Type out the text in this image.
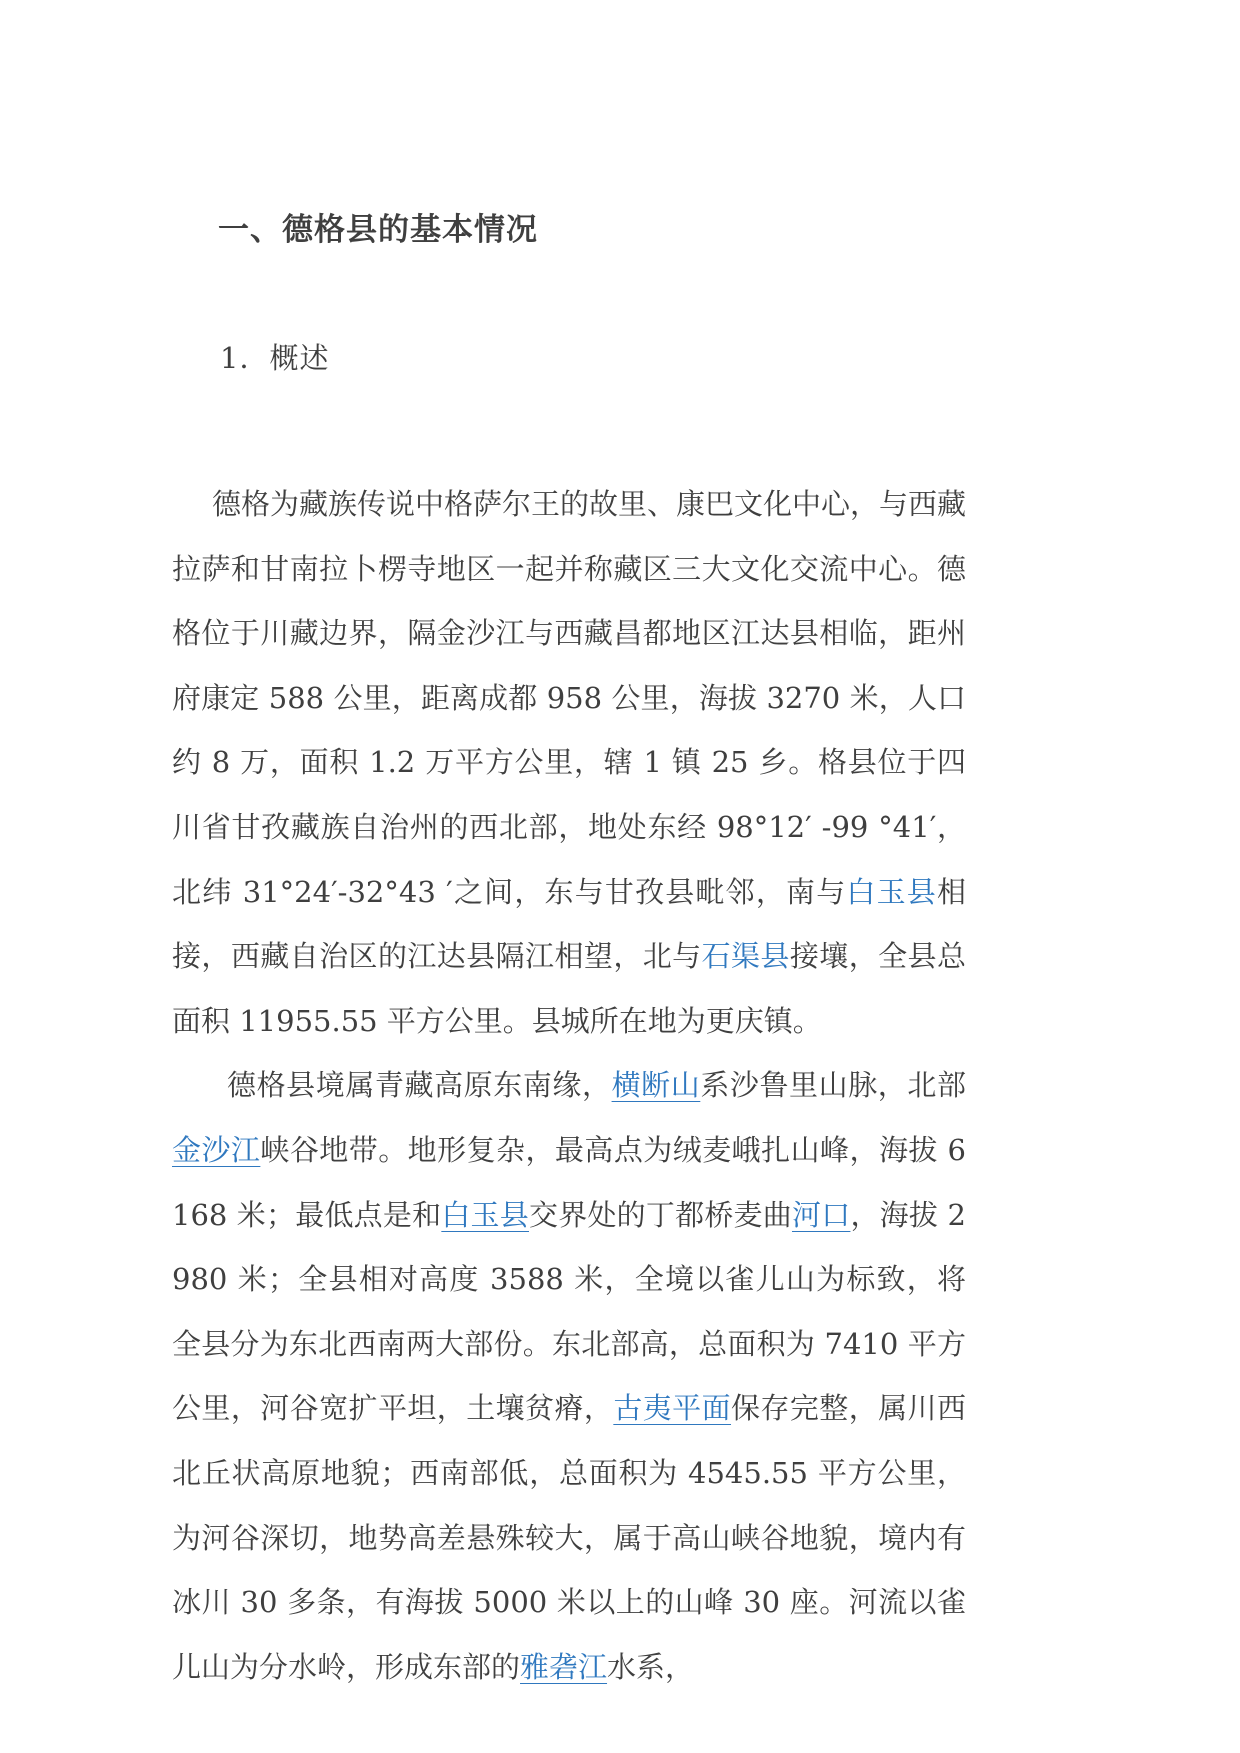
一、德格县的基本情况
1．概述

德格为藏族传说中格萨尔王的故里、康巴文化中心，与西藏拉萨和甘南拉卜楞寺地区一起并称藏区三大文化交流中心。德格位于川藏边界，隔金沙江与西藏昌都地区江达县相临，距州府康定 588 公里，距离成都 958 公里，海拔 3270 米，人口约 8 万，面积 1.2 万平方公里，辖 1 镇 25 乡。格县位于四川省甘孜藏族自治州的西北部，地处东经 98°12′ -99 °41′，北纬 31°24′-32°43 ′之间，东与甘孜县毗邻，南与白玉县相接，西藏自治区的江达县隔江相望，北与石渠县接壤，全县总面积 11955.55 平方公里。县城所在地为更庆镇。

德格县境属青藏高原东南缘，横断山系沙鲁里山脉，北部金沙江峡谷地带。地形复杂，最高点为绒麦峨扎山峰，海拔 6168 米；最低点是和白玉县交界处的丁都桥麦曲河口，海拔 2980 米；全县相对高度 3588 米，全境以雀儿山为标致，将全县分为东北西南两大部份。东北部高，总面积为 7410 平方公里，河谷宽扩平坦，土壤贫瘠，古夷平面保存完整，属川西北丘状高原地貌；西南部低，总面积为 4545.55 平方公里，为河谷深切，地势高差悬殊较大，属于高山峡谷地貌，境内有冰川 30 多条，有海拔 5000 米以上的山峰 30 座。河流以雀儿山为分水岭，形成东部的雅砻江水系，
